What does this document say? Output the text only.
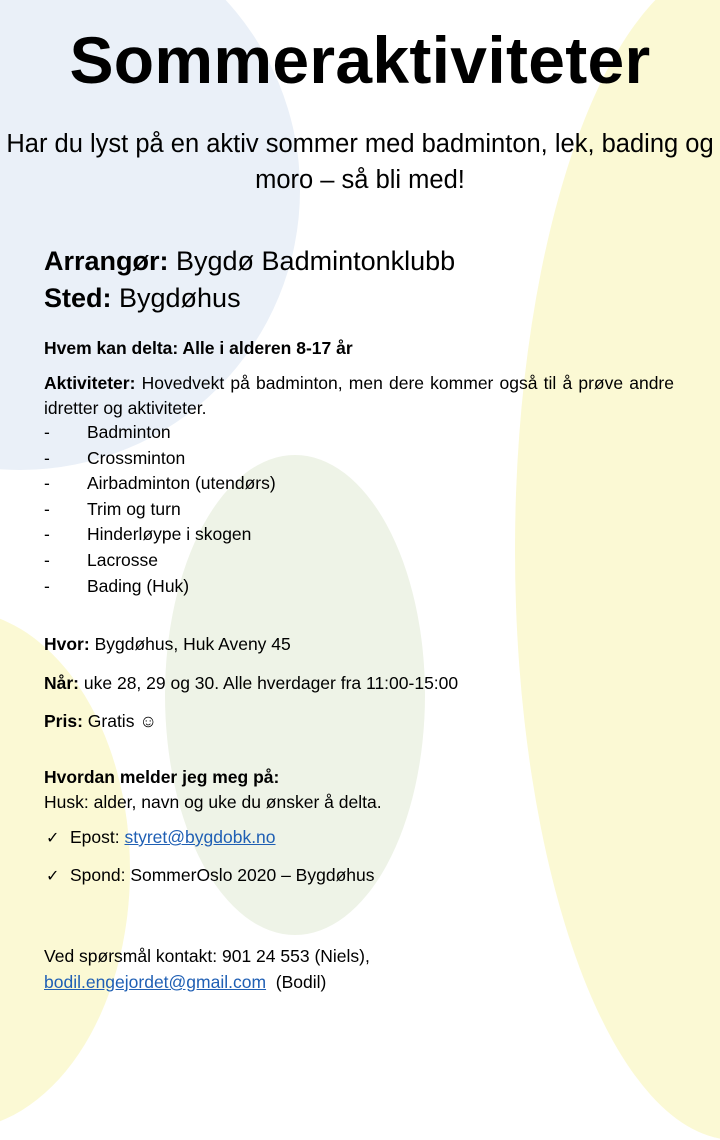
Sommeraktiviteter
Har du lyst på en aktiv sommer med badminton, lek, bading og moro – så bli med!
Arrangør: Bygdø Badmintonklubb
Sted: Bygdøhus
Hvem kan delta: Alle i alderen 8-17 år
Aktiviteter: Hovedvekt på badminton, men dere kommer også til å prøve andre idretter og aktiviteter.
- Badminton
- Crossminton
- Airbadminton (utendørs)
- Trim og turn
- Hinderløype i skogen
- Lacrosse
- Bading (Huk)
Hvor: Bygdøhus, Huk Aveny 45
Når: uke 28, 29 og 30. Alle hverdager fra 11:00-15:00
Pris: Gratis ☺
Hvordan melder jeg meg på:
Husk: alder, navn og uke du ønsker å delta.
✓ Epost: styret@bygdobk.no
✓ Spond: SommerOslo 2020 – Bygdøhus
Ved spørsmål kontakt: 901 24 553 (Niels),
bodil.engejordet@gmail.com  (Bodil)
